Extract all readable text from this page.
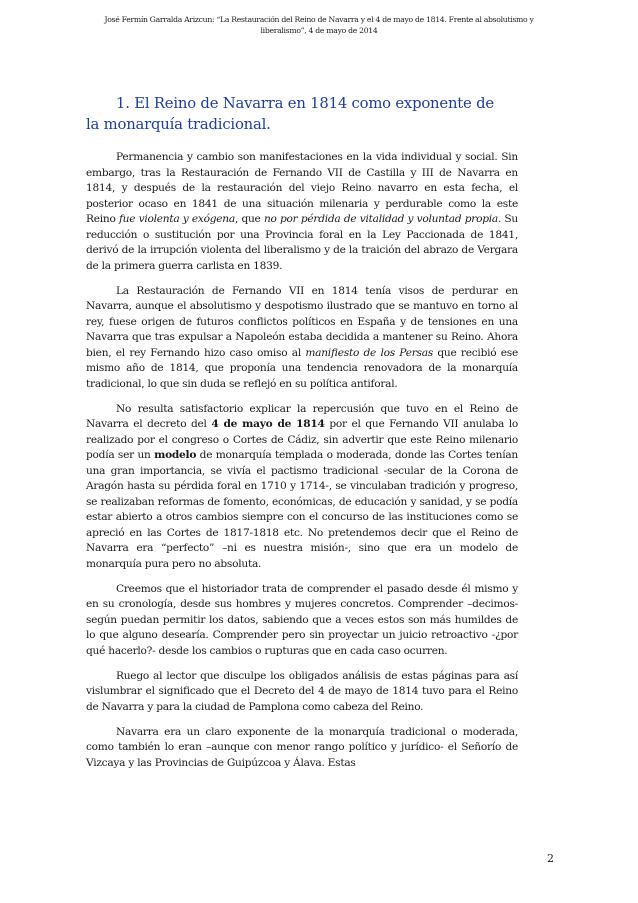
José Fermín Garralda Arizcun: “La Restauración del Reino de Navarra y el 4 de mayo de 1814. Frente al absolutismo y
liberalismo”, 4 de mayo de 2014
1. El Reino de Navarra en 1814 como exponente de
la monarquía tradicional.

Permanencia y cambio son manifestaciones en la vida individual y social. Sin embargo, tras la Restauración de Fernando VII de Castilla y III de Navarra en 1814, y después de la restauración del viejo Reino navarro en esta fecha, el posterior ocaso en 1841 de una situación milenaria y perdurable como la este Reino fue violenta y exógena, que no por pérdida de vitalidad y voluntad propia. Su reducción o sustitución por una Provincia foral en la Ley Paccionada de 1841, derivó de la irrupción violenta del liberalismo y de la traición del abrazo de Vergara de la primera guerra carlista en 1839.

La Restauración de Fernando VII en 1814 tenía visos de perdurar en Navarra, aunque el absolutismo y despotismo ilustrado que se mantuvo en torno al rey, fuese origen de futuros conflictos políticos en España y de tensiones en una Navarra que tras expulsar a Napoleón estaba decidida a mantener su Reino. Ahora bien, el rey Fernando hizo caso omiso al manifiesto de los Persas que recibió ese mismo año de 1814, que proponía una tendencia renovadora de la monarquía tradicional, lo que sin duda se reflejó en su política antiforal.

No resulta satisfactorio explicar la repercusión que tuvo en el Reino de Navarra el decreto del 4 de mayo de 1814 por el que Fernando VII anulaba lo realizado por el congreso o Cortes de Cádiz, sin advertir que este Reino milenario podía ser un modelo de monarquía templada o moderada, donde las Cortes tenían una gran importancia, se vivía el pactismo tradicional -secular de la Corona de Aragón hasta su pérdida foral en 1710 y 1714-, se vinculaban tradición y progreso, se realizaban reformas de fomento, económicas, de educación y sanidad, y se podía estar abierto a otros cambios siempre con el concurso de las instituciones como se apreció en las Cortes de 1817-1818 etc. No pretendemos decir que el Reino de Navarra era “perfecto” –ni es nuestra misión-, sino que era un modelo de monarquía pura pero no absoluta.

Creemos que el historiador trata de comprender el pasado desde él mismo y en su cronología, desde sus hombres y mujeres concretos. Comprender –decimos- según puedan permitir los datos, sabiendo que a veces estos son más humildes de lo que alguno desearía. Comprender pero sin proyectar un juicio retroactivo -¿por qué hacerlo?- desde los cambios o rupturas que en cada caso ocurren.

Ruego al lector que disculpe los obligados análisis de estas páginas para así vislumbrar el significado que el Decreto del 4 de mayo de 1814 tuvo para el Reino de Navarra y para la ciudad de Pamplona como cabeza del Reino.

Navarra era un claro exponente de la monarquía tradicional o moderada, como también lo eran –aunque con menor rango político y jurídico- el Señorío de Vizcaya y las Provincias de Guipúzcoa y Álava. Estas

2
